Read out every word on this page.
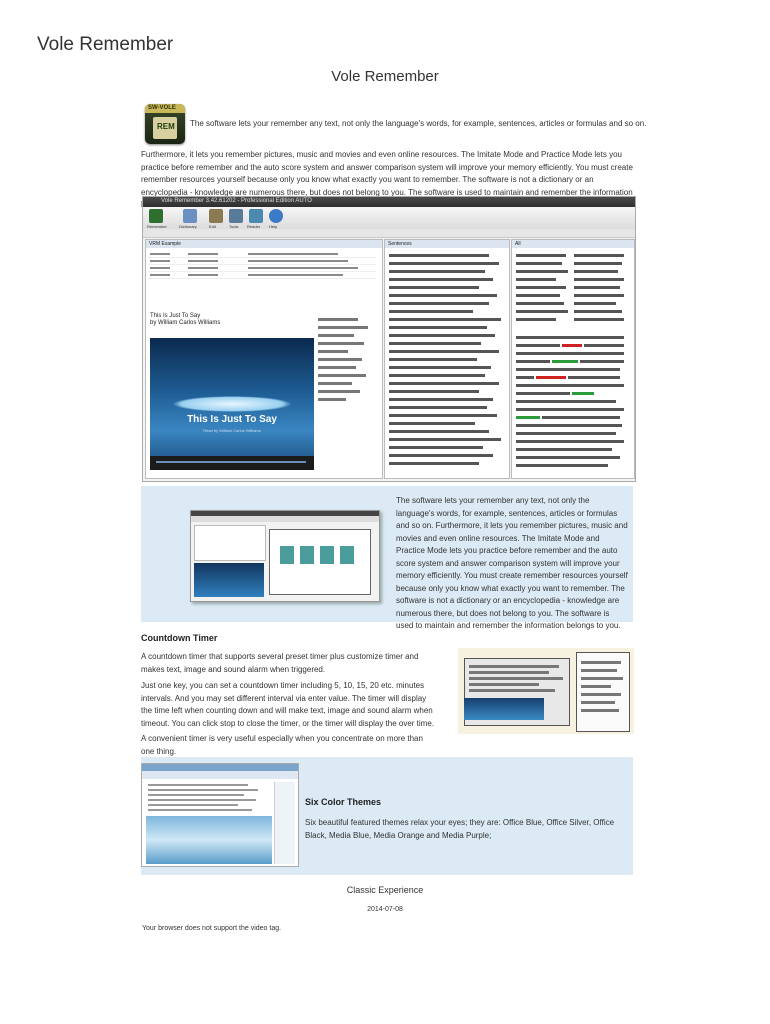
Vole Remember
Vole Remember
SW-VOLE
REM The software lets your remember any text, not only the language's words, for example, sentences, articles or formulas and so on.
Furthermore, it lets you remember pictures, music and movies and even online resources. The Imitate Mode and Practice Mode lets you practice before remember and the auto score system and answer comparison system will improve your memory efficiently. You must create remember resources yourself because only you know what exactly you want to remember. The software is not a dictionary or an encyclopedia - knowledge are numerous there, but does not belong to you. The software is used to maintain and remember the information
Vole Remember 3.42.61202 - Professional Edition AUTO
Remember	Dictionary	Edit	Tools Reader Help
VRM Example
This Is Just To Say
by William Carlos Williams
This Is Just To Say
Read by William Carlos Williams
Sentences	All
The software lets your remember any text, not only the language's words, for example, sentences, articles or formulas and so on. Furthermore, it lets you remember pictures, music and movies and even online resources. The Imitate Mode and Practice Mode lets you practice before remember and the auto score system and answer comparison system will improve your memory efficiently. You must create remember resources yourself because only you know what exactly you want to remember. The software is not a dictionary or an encyclopedia - knowledge are numerous there, but does not belong to you. The software is used to maintain and remember the information belongs to you.
Countdown Timer
A countdown timer that supports several preset timer plus customize timer and makes text, image and sound alarm when triggered.
Just one key, you can set a countdown timer including 5, 10, 15, 20 etc. minutes intervals. And you may set different interval via enter value. The timer will display the time left when counting down and will make text, image and sound alarm when timeout. You can click stop to close the timer, or the timer will display the over time.
A convenient timer is very useful especially when you concentrate on more than one thing.
Six Color Themes
Six beautiful featured themes relax your eyes; they are: Office Blue, Office Silver, Office Black, Media Blue, Media Orange and Media Purple;
Classic Experience
2014-07-08
Your browser does not support the video tag.
